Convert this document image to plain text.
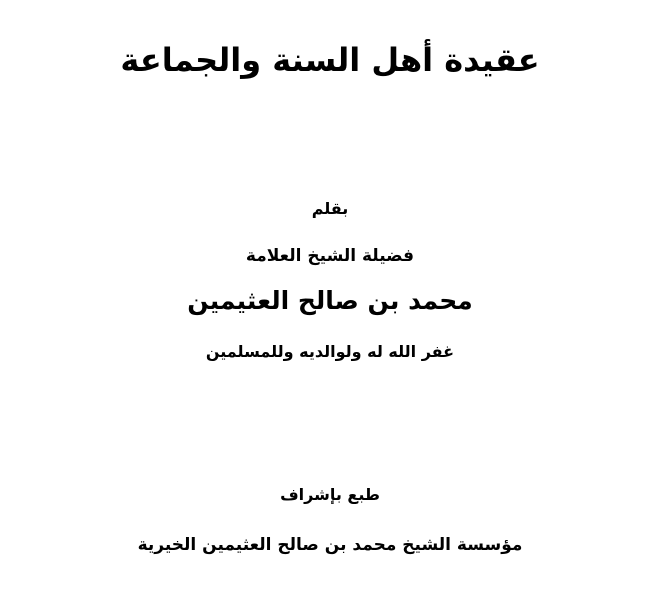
عقيدة أهل السنة والجماعة
بقلم
فضيلة الشيخ العلامة
محمد بن صالح العثيمين
غفر الله له ولوالديه وللمسلمين
طبع بإشراف
مؤسسة الشيخ محمد بن صالح العثيمين الخيرية
